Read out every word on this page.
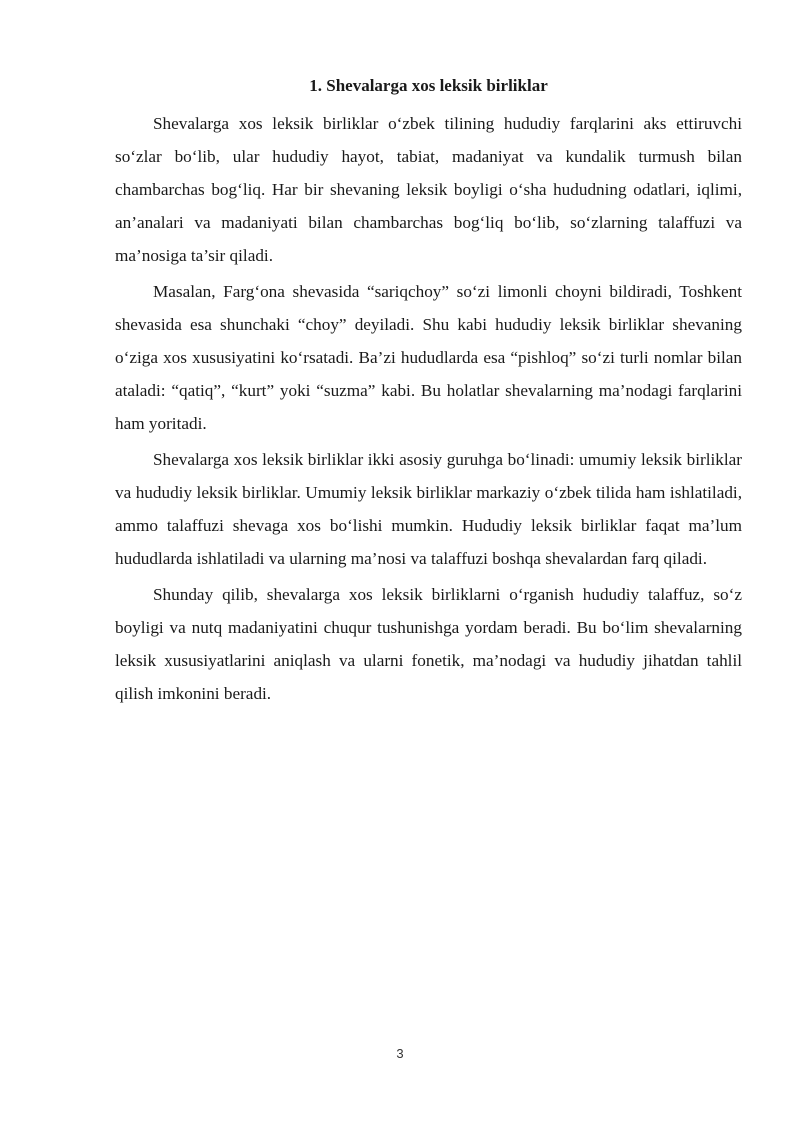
1. Shevalarga xos leksik birliklar

Shevalarga xos leksik birliklar o‘zbek tilining hududiy farqlarini aks ettiruvchi so‘zlar bo‘lib, ular hududiy hayot, tabiat, madaniyat va kundalik turmush bilan chambarchas bog‘liq. Har bir shevaning leksik boyligi o‘sha hududning odatlari, iqlimi, an’analari va madaniyati bilan chambarchas bog‘liq bo‘lib, so‘zlarning talaffuzi va ma’nosiga ta’sir qiladi.

Masalan, Farg‘ona shevasida “sariqchoy” so‘zi limonli choyni bildiradi, Toshkent shevasida esa shunchaki “choy” deyiladi. Shu kabi hududiy leksik birliklar shevaning o‘ziga xos xususiyatini ko‘rsatadi. Ba’zi hududlarda esa “pishloq” so‘zi turli nomlar bilan ataladi: “qatiq”, “kurt” yoki “suzma” kabi. Bu holatlar shevalarning ma’nodagi farqlarini ham yoritadi.

Shevalarga xos leksik birliklar ikki asosiy guruhga bo‘linadi: umumiy leksik birliklar va hududiy leksik birliklar. Umumiy leksik birliklar markaziy o‘zbek tilida ham ishlatiladi, ammo talaffuzi shevaga xos bo‘lishi mumkin. Hududiy leksik birliklar faqat ma’lum hududlarda ishlatiladi va ularning ma’nosi va talaffuzi boshqa shevalardan farq qiladi.

Shunday qilib, shevalarga xos leksik birliklarni o‘rganish hududiy talaffuz, so‘z boyligi va nutq madaniyatini chuqur tushunishga yordam beradi. Bu bo‘lim shevalarning leksik xususiyatlarini aniqlash va ularni fonetik, ma’nodagi va hududiy jihatdan tahlil qilish imkonini beradi.

3
